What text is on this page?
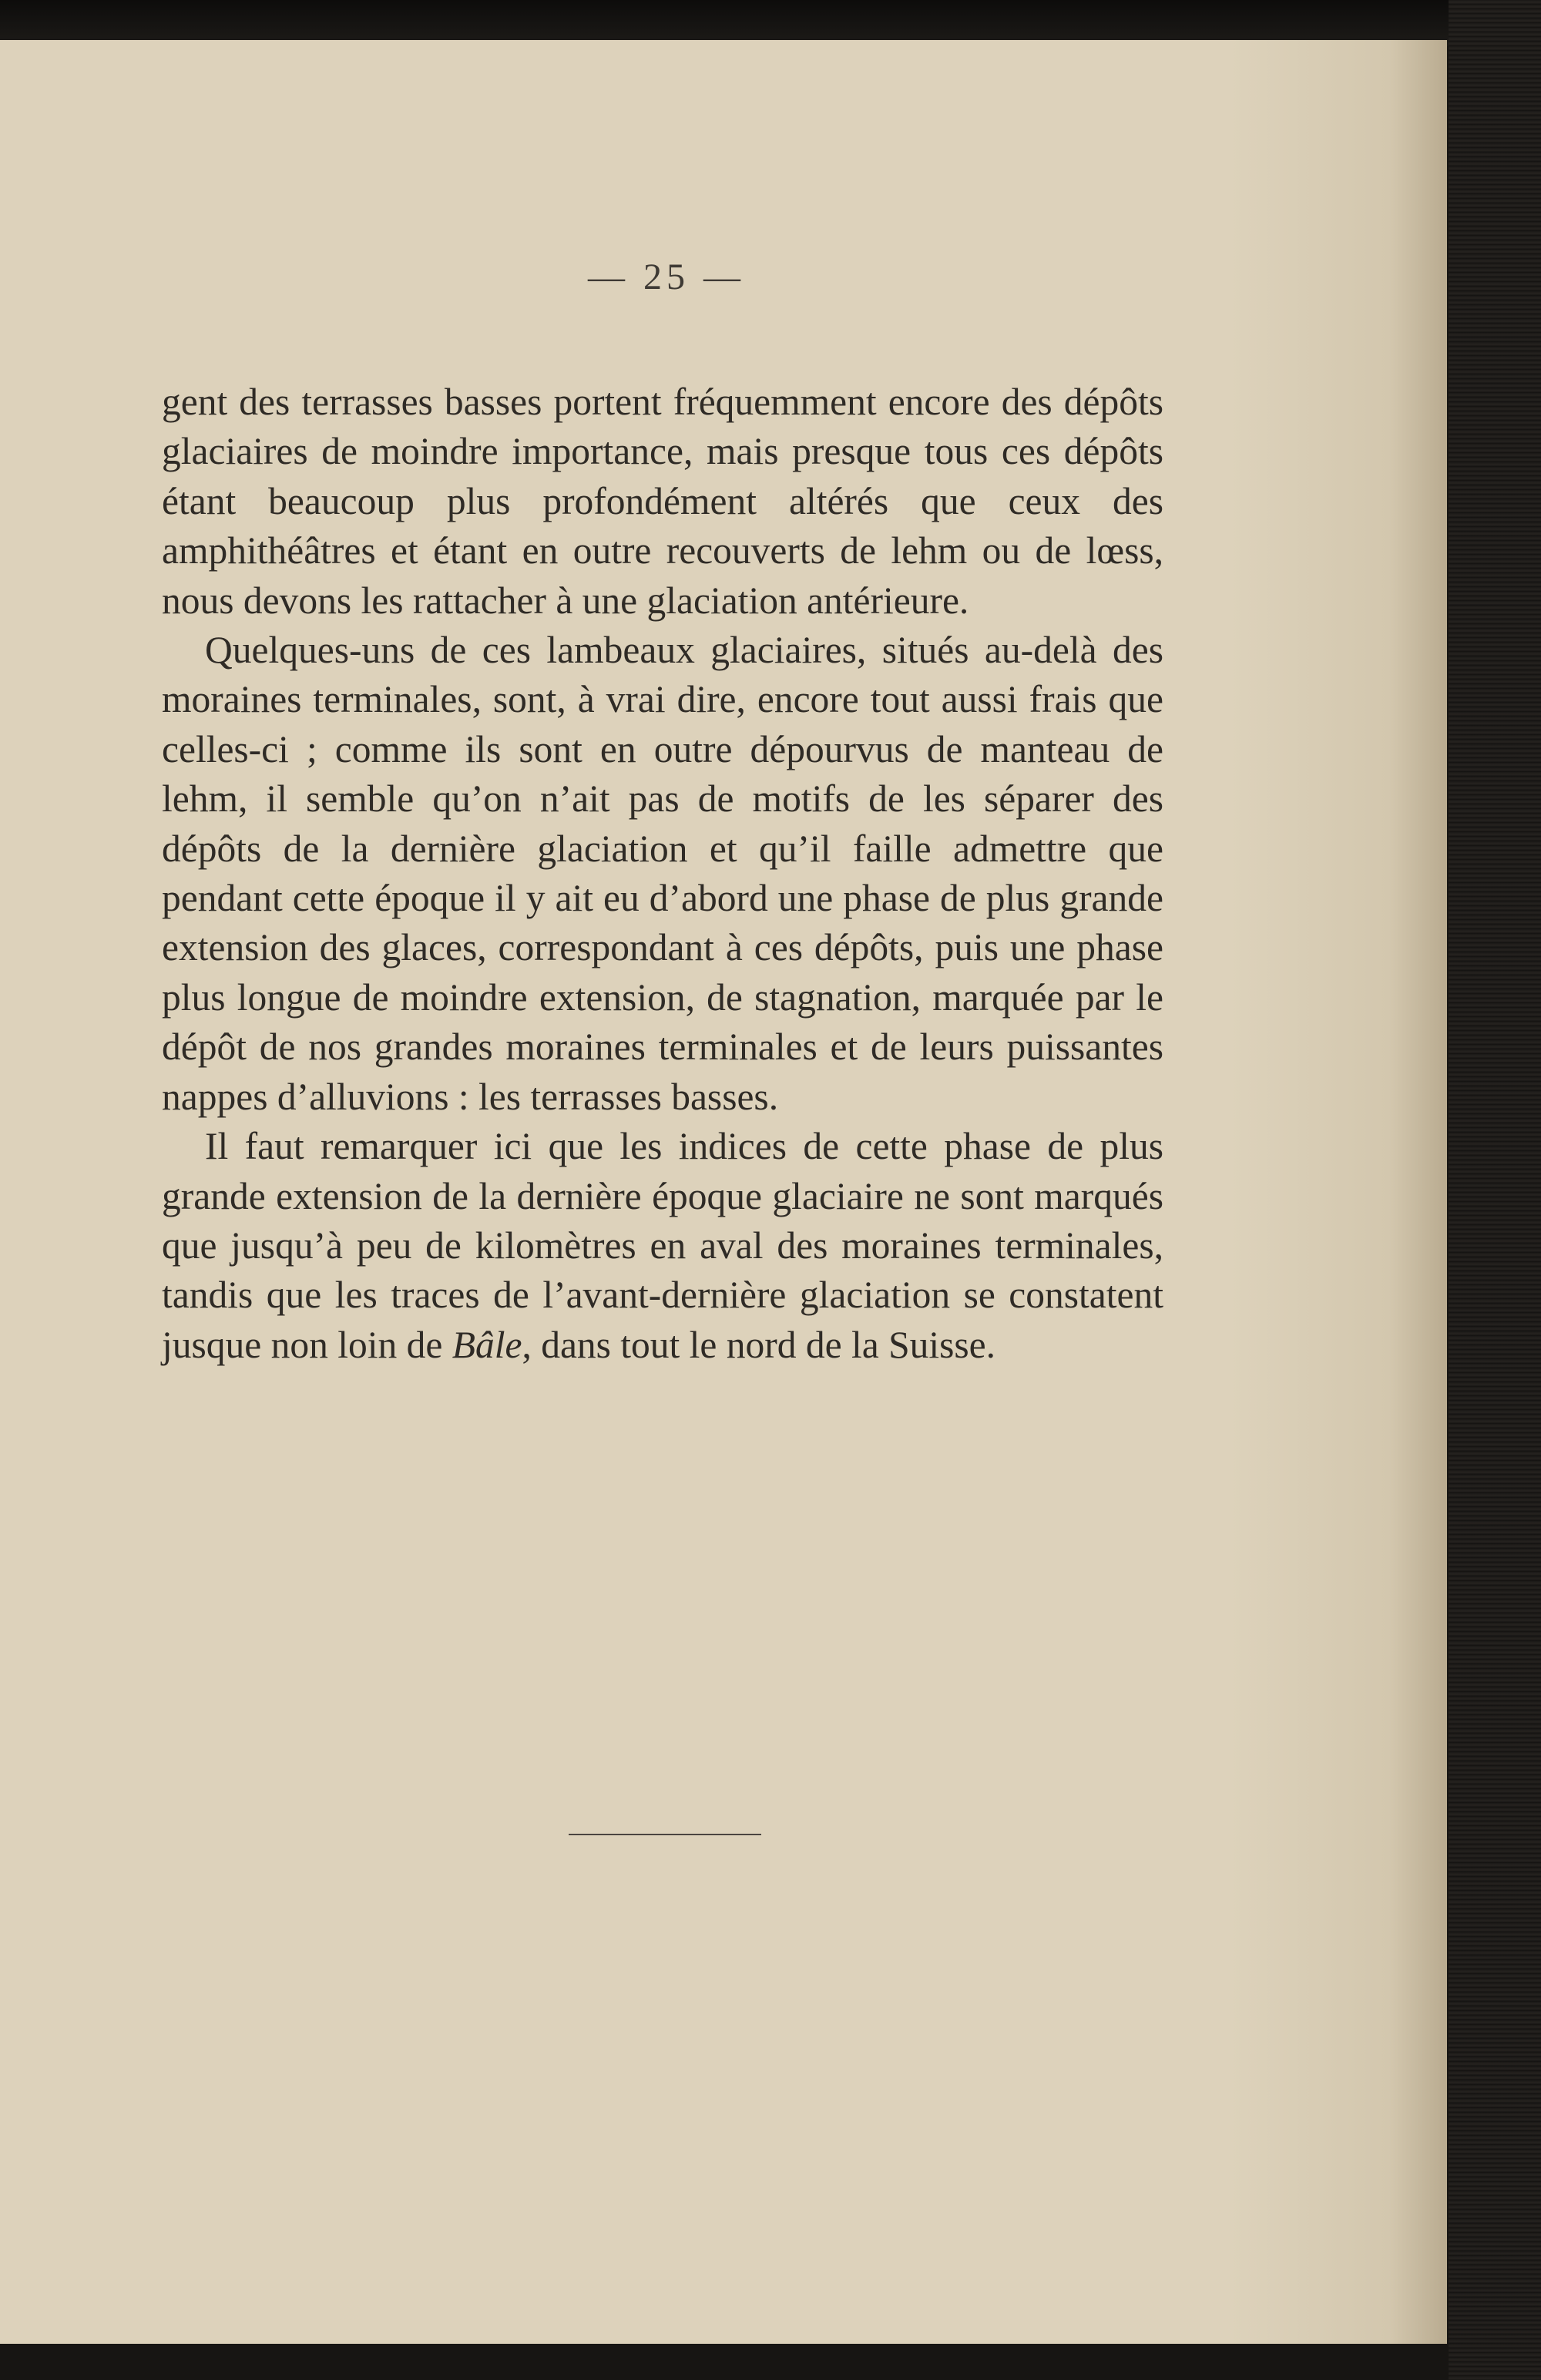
— 25 —

gent des terrasses basses portent fréquemment encore des dépôts glaciaires de moindre importance, mais presque tous ces dépôts étant beaucoup plus profondément altérés que ceux des amphithéâtres et étant en outre recouverts de lehm ou de lœss, nous devons les rattacher à une glaciation antérieure.

Quelques-uns de ces lambeaux glaciaires, situés au-delà des moraines terminales, sont, à vrai dire, encore tout aussi frais que celles-ci ; comme ils sont en outre dépourvus de manteau de lehm, il semble qu’on n’ait pas de motifs de les séparer des dépôts de la dernière glaciation et qu’il faille admettre que pendant cette époque il y ait eu d’abord une phase de plus grande extension des glaces, correspondant à ces dépôts, puis une phase plus longue de moindre extension, de stagnation, marquée par le dépôt de nos grandes moraines terminales et de leurs puissantes nappes d’alluvions : les terrasses basses.

Il faut remarquer ici que les indices de cette phase de plus grande extension de la dernière époque glaciaire ne sont marqués que jusqu’à peu de kilomètres en aval des moraines terminales, tandis que les traces de l’avant-dernière glaciation se constatent jusque non loin de Bâle, dans tout le nord de la Suisse.
